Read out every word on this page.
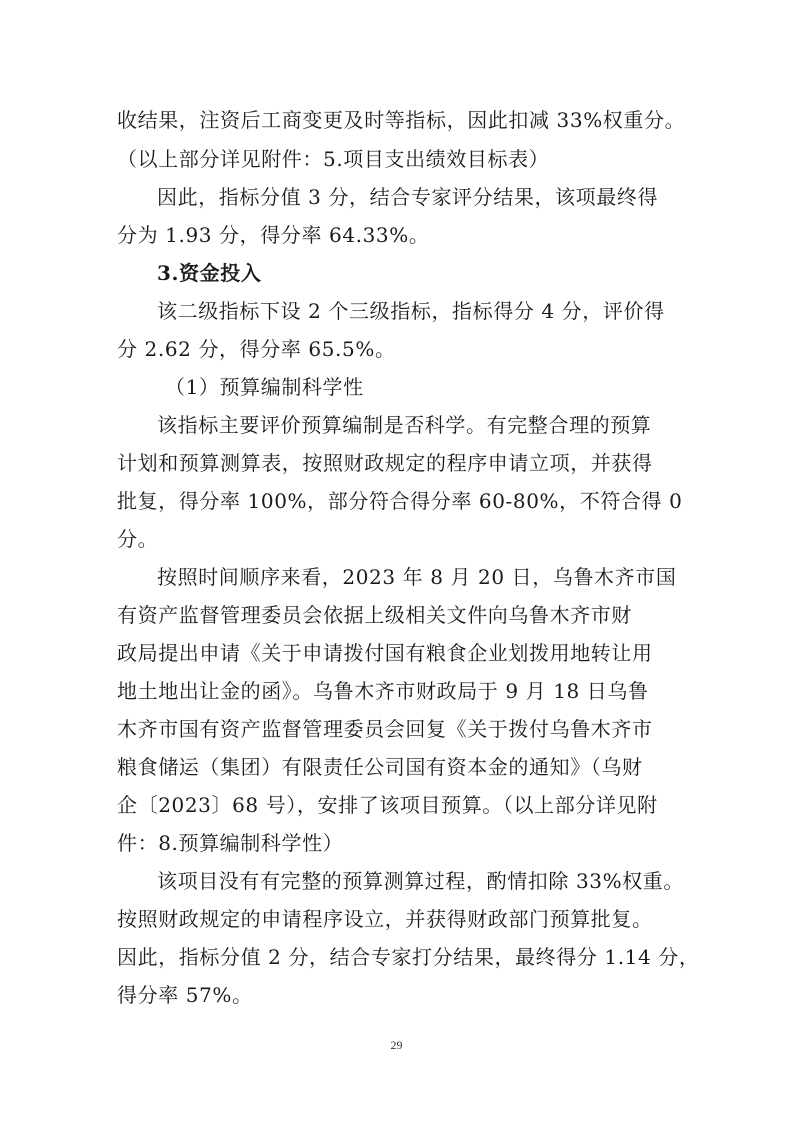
收结果，注资后工商变更及时等指标，因此扣减 33%权重分。
（以上部分详见附件：5.项目支出绩效目标表）
因此，指标分值 3 分，结合专家评分结果，该项最终得
分为 1.93 分，得分率 64.33%。
3.资金投入
该二级指标下设 2 个三级指标，指标得分 4 分，评价得
分 2.62 分，得分率 65.5%。
（1）预算编制科学性
该指标主要评价预算编制是否科学。有完整合理的预算
计划和预算测算表，按照财政规定的程序申请立项，并获得
批复，得分率 100%，部分符合得分率 60-80%，不符合得 0
分。
按照时间顺序来看，2023 年 8 月 20 日，乌鲁木齐市国
有资产监督管理委员会依据上级相关文件向乌鲁木齐市财
政局提出申请《关于申请拨付国有粮食企业划拨用地转让用
地土地出让金的函》。乌鲁木齐市财政局于 9 月 18 日乌鲁
木齐市国有资产监督管理委员会回复《关于拨付乌鲁木齐市
粮食储运（集团）有限责任公司国有资本金的通知》（乌财
企〔2023〕68 号），安排了该项目预算。（以上部分详见附
件：8.预算编制科学性）
该项目没有有完整的预算测算过程，酌情扣除 33%权重。
按照财政规定的申请程序设立，并获得财政部门预算批复。
因此，指标分值 2 分，结合专家打分结果，最终得分 1.14 分，
得分率 57%。
29
